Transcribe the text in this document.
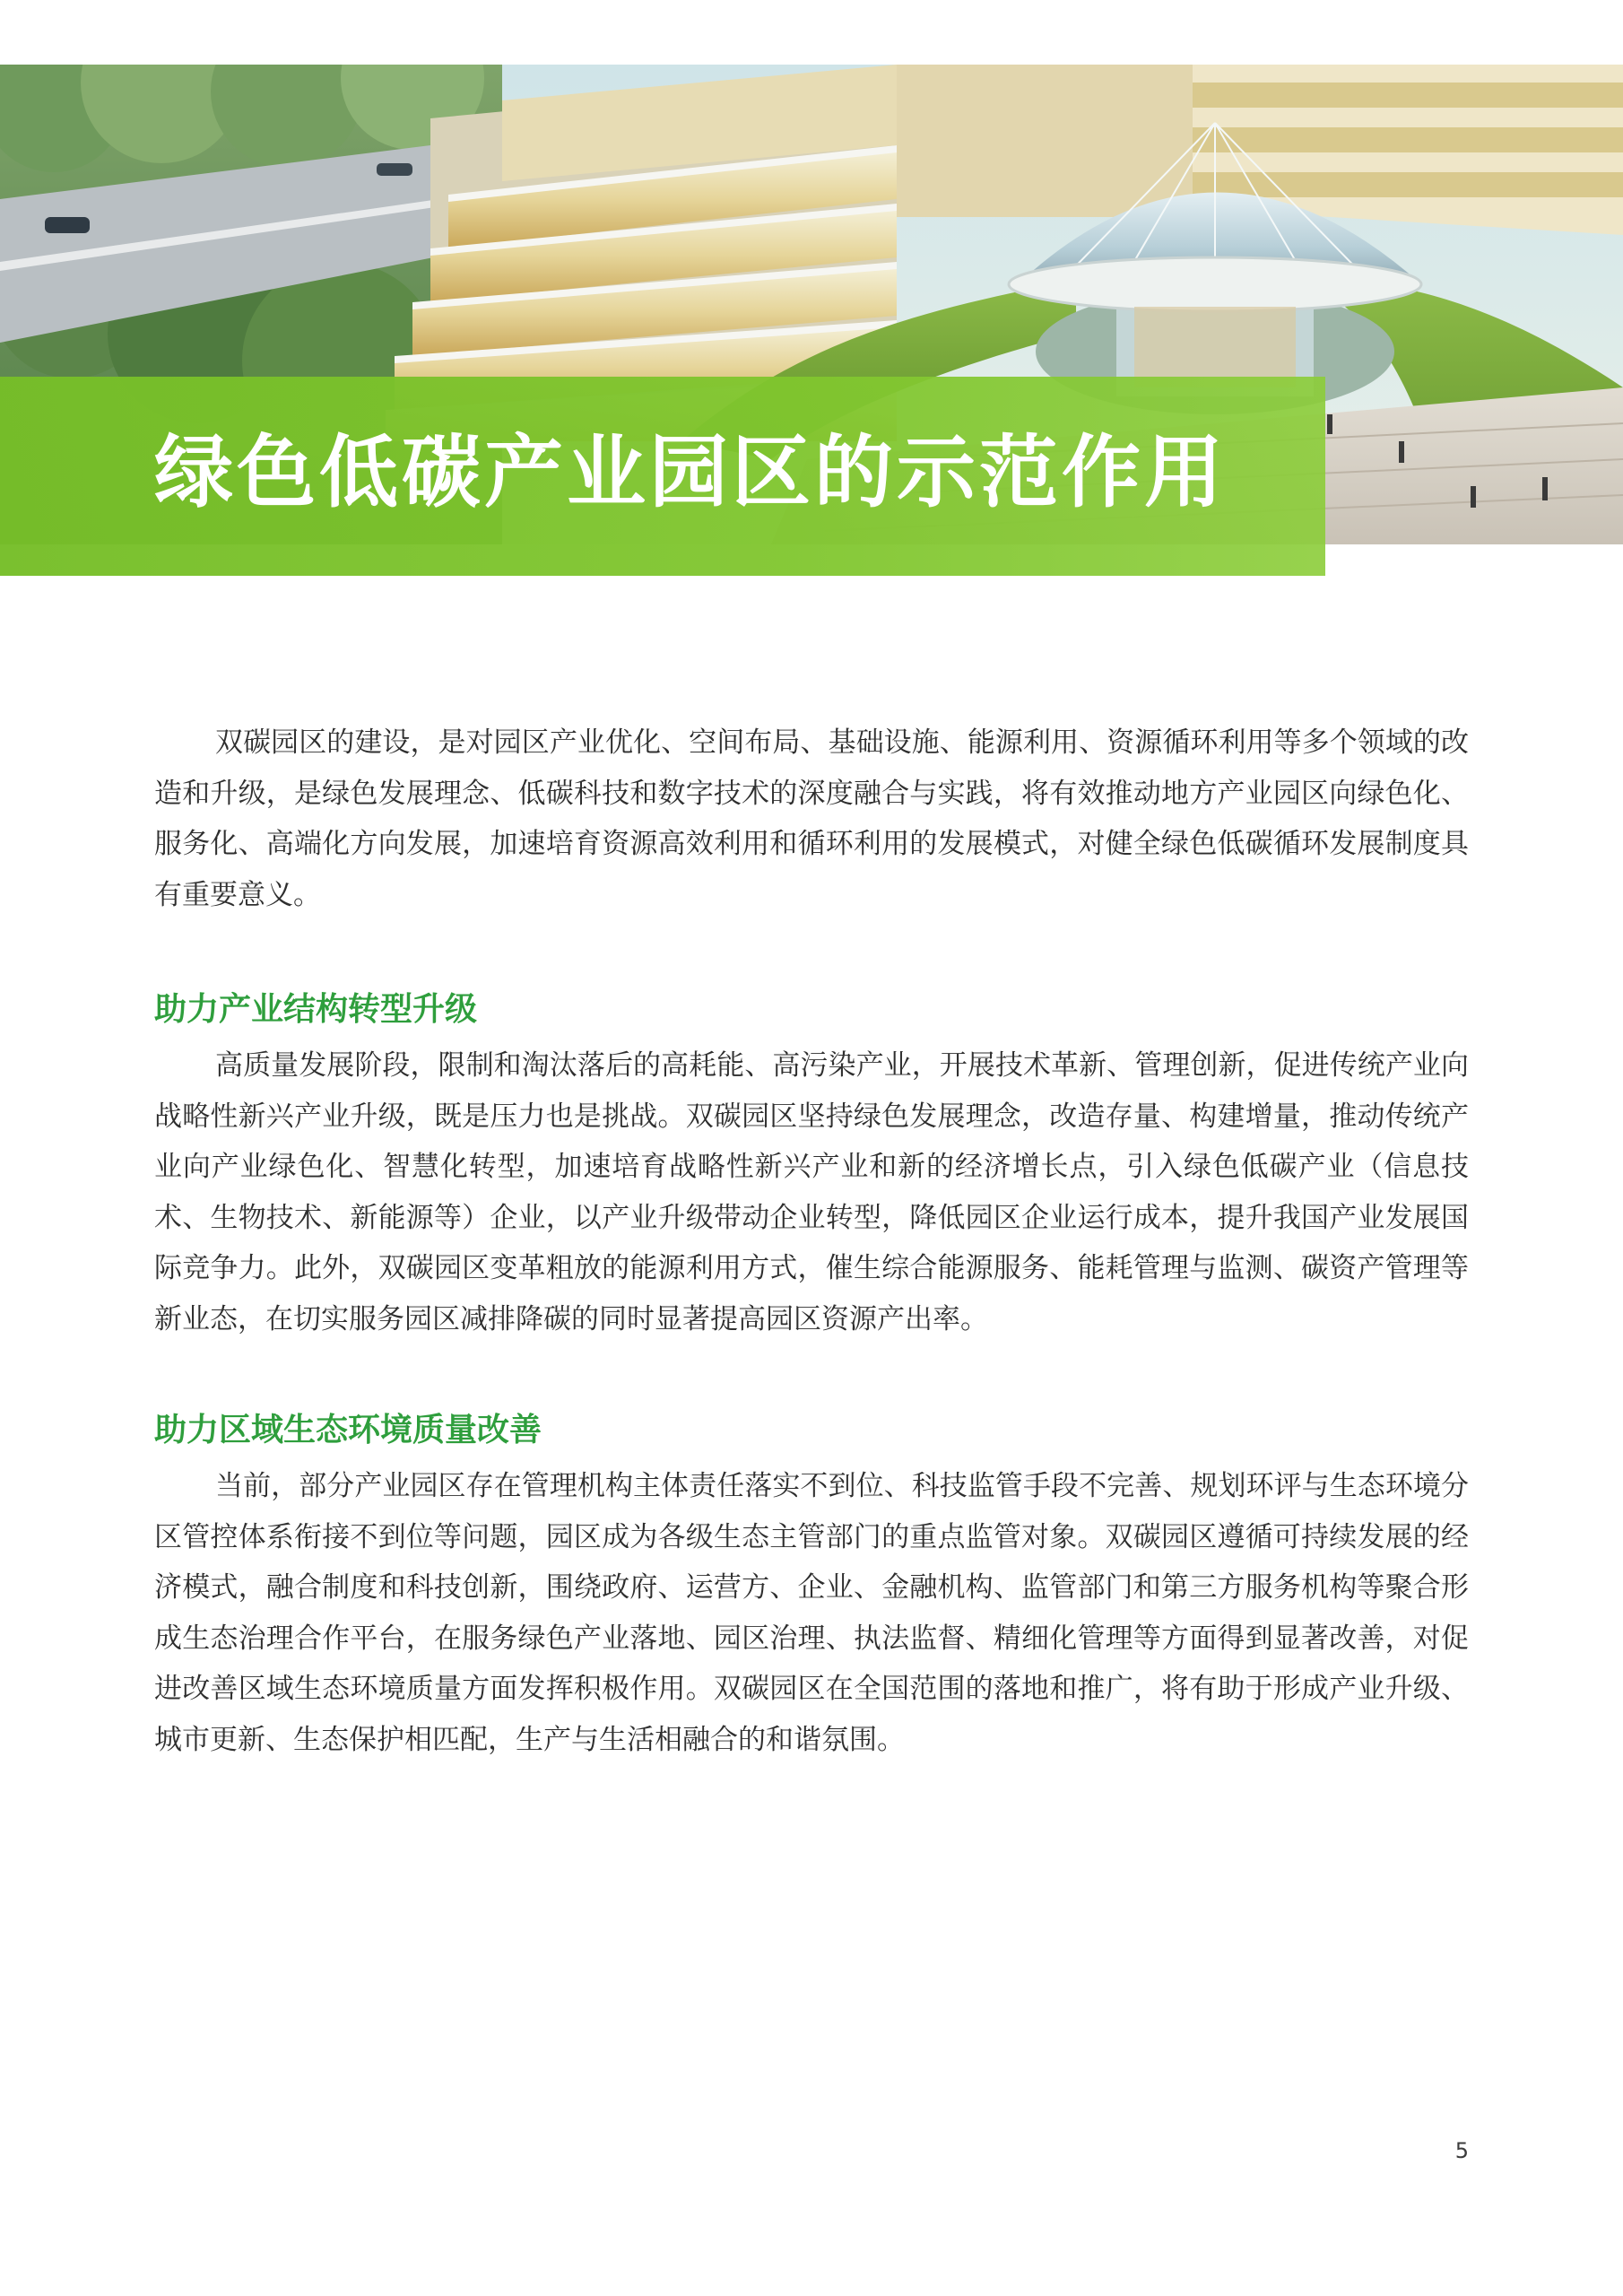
绿色低碳产业园区的示范作用

双碳园区的建设，是对园区产业优化、空间布局、基础设施、能源利用、资源循环利用等多个领域的改造和升级，是绿色发展理念、低碳科技和数字技术的深度融合与实践，将有效推动地方产业园区向绿色化、服务化、高端化方向发展，加速培育资源高效利用和循环利用的发展模式，对健全绿色低碳循环发展制度具有重要意义。

助力产业结构转型升级

高质量发展阶段，限制和淘汰落后的高耗能、高污染产业，开展技术革新、管理创新，促进传统产业向战略性新兴产业升级，既是压力也是挑战。双碳园区坚持绿色发展理念，改造存量、构建增量，推动传统产业向产业绿色化、智慧化转型，加速培育战略性新兴产业和新的经济增长点，引入绿色低碳产业（信息技术、生物技术、新能源等）企业，以产业升级带动企业转型，降低园区企业运行成本，提升我国产业发展国际竞争力。此外，双碳园区变革粗放的能源利用方式，催生综合能源服务、能耗管理与监测、碳资产管理等新业态，在切实服务园区减排降碳的同时显著提高园区资源产出率。

助力区域生态环境质量改善

当前，部分产业园区存在管理机构主体责任落实不到位、科技监管手段不完善、规划环评与生态环境分区管控体系衔接不到位等问题，园区成为各级生态主管部门的重点监管对象。双碳园区遵循可持续发展的经济模式，融合制度和科技创新，围绕政府、运营方、企业、金融机构、监管部门和第三方服务机构等聚合形成生态治理合作平台，在服务绿色产业落地、园区治理、执法监督、精细化管理等方面得到显著改善，对促进改善区域生态环境质量方面发挥积极作用。双碳园区在全国范围的落地和推广，将有助于形成产业升级、城市更新、生态保护相匹配，生产与生活相融合的和谐氛围。

5
